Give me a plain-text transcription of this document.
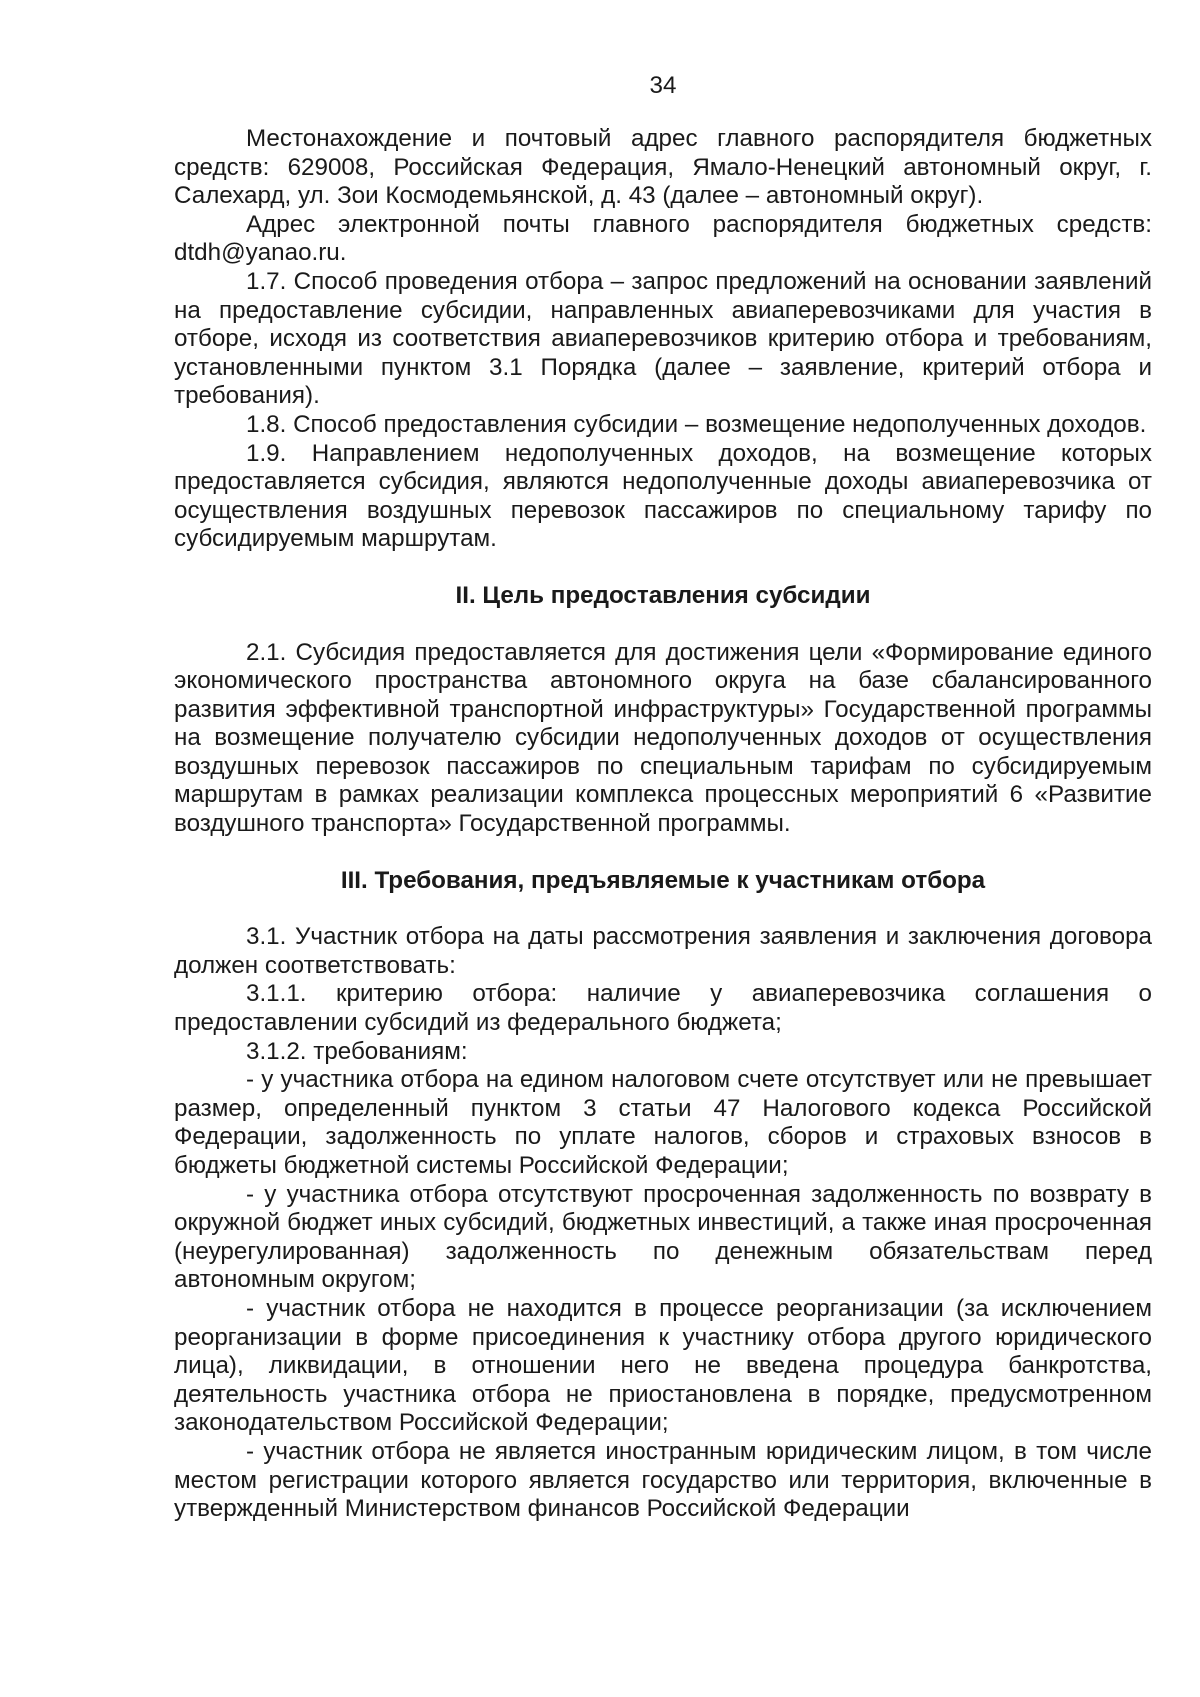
34

Местонахождение и почтовый адрес главного распорядителя бюджетных средств: 629008, Российская Федерация, Ямало-Ненецкий автономный округ, г. Салехард, ул. Зои Космодемьянской, д. 43 (далее – автономный округ).

Адрес электронной почты главного распорядителя бюджетных средств: dtdh@yanao.ru.

1.7. Способ проведения отбора – запрос предложений на основании заявлений на предоставление субсидии, направленных авиаперевозчиками для участия в отборе, исходя из соответствия авиаперевозчиков критерию отбора и требованиям, установленными пунктом 3.1 Порядка (далее – заявление, критерий отбора и требования).

1.8. Способ предоставления субсидии – возмещение недополученных доходов.

1.9. Направлением недополученных доходов, на возмещение которых предоставляется субсидия, являются недополученные доходы авиаперевозчика от осуществления воздушных перевозок пассажиров по специальному тарифу по субсидируемым маршрутам.

II. Цель предоставления субсидии

2.1. Субсидия предоставляется для достижения цели «Формирование единого экономического пространства автономного округа на базе сбалансированного развития эффективной транспортной инфраструктуры» Государственной программы на возмещение получателю субсидии недополученных доходов от осуществления воздушных перевозок пассажиров по специальным тарифам по субсидируемым маршрутам в рамках реализации комплекса процессных мероприятий 6 «Развитие воздушного транспорта» Государственной программы.

III. Требования, предъявляемые к участникам отбора

3.1. Участник отбора на даты рассмотрения заявления и заключения договора должен соответствовать:

3.1.1. критерию отбора: наличие у авиаперевозчика соглашения о предоставлении субсидий из федерального бюджета;

3.1.2. требованиям:

- у участника отбора на едином налоговом счете отсутствует или не превышает размер, определенный пунктом 3 статьи 47 Налогового кодекса Российской Федерации, задолженность по уплате налогов, сборов и страховых взносов в бюджеты бюджетной системы Российской Федерации;

- у участника отбора отсутствуют просроченная задолженность по возврату в окружной бюджет иных субсидий, бюджетных инвестиций, а также иная просроченная (неурегулированная) задолженность по денежным обязательствам перед автономным округом;

- участник отбора не находится в процессе реорганизации (за исключением реорганизации в форме присоединения к участнику отбора другого юридического лица), ликвидации, в отношении него не введена процедура банкротства, деятельность участника отбора не приостановлена в порядке, предусмотренном законодательством Российской Федерации;

- участник отбора не является иностранным юридическим лицом, в том числе местом регистрации которого является государство или территория, включенные в утвержденный Министерством финансов Российской Федерации
